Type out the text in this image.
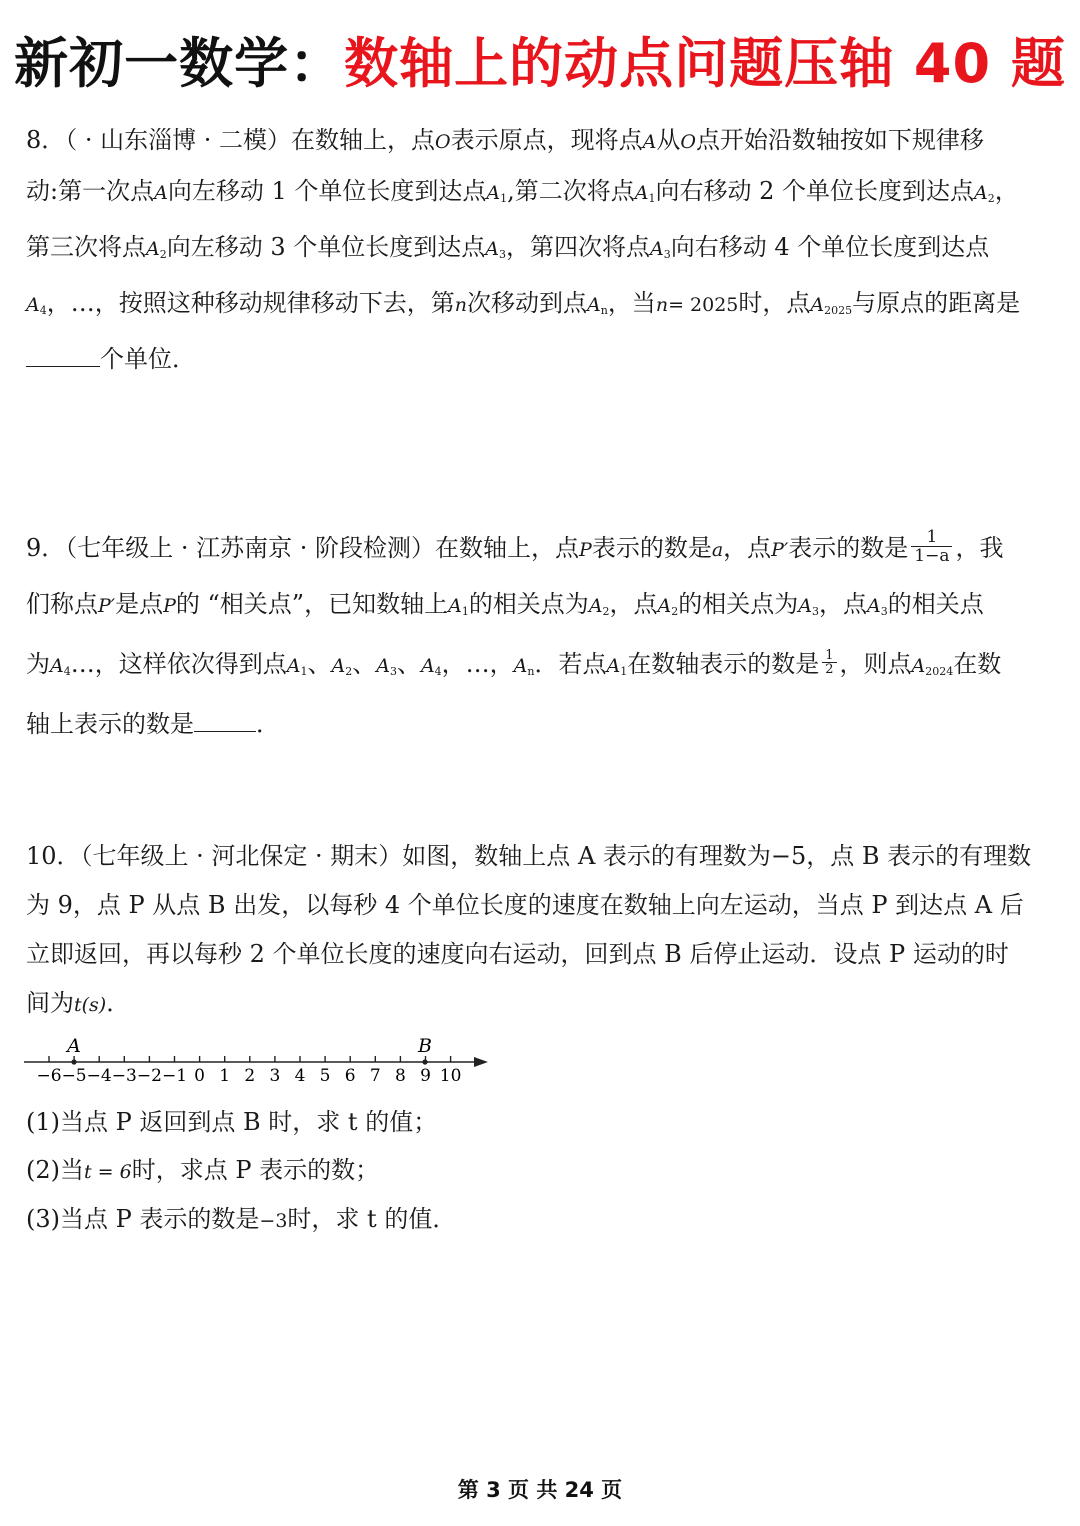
新初一数学：数轴上的动点问题压轴 40 题
8．（ · 山东淄博 · 二模）在数轴上，点O表示原点，现将点A从O点开始沿数轴按如下规律移
动:第一次点A向左移动 1 个单位长度到达点$A_1$,第二次将点$A_1$向右移动 2 个单位长度到达点$A_2$，
第三次将点$A_2$向左移动 3 个单位长度到达点$A_3$，第四次将点$A_3$向右移动 4 个单位长度到达点
$A_4$，…，按照这种移动规律移动下去，第n次移动到点$A_n$，当n= 2025时，点$A_{2025}$与原点的距离是
个单位．
9．（七年级上 · 江苏南京 · 阶段检测）在数轴上，点P表示的数是a，点P′表示的数是 $\frac{1}{1-a}$ ，我
们称点P′是点P的 “相关点”，已知数轴上$A_1$的相关点为$A_2$，点$A_2$的相关点为$A_3$，点$A_3$的相关点
为$A_4\dots$，这样依次得到点$A_1$、$A_2$、$A_3$、$A_4$，…，$A_n$．若点$A_1$在数轴表示的数是 $\frac{1}{2}$ ，则点$A_{2024}$在数
轴上表示的数是	．
10．（七年级上 · 河北保定 · 期末）如图，数轴上点 A 表示的有理数为−5，点 B 表示的有理数
为 9，点 P 从点 B 出发，以每秒 4 个单位长度的速度在数轴上向左运动，当点 P 到达点 A 后
立即返回，再以每秒 2 个单位长度的速度向右运动，回到点 B 后停止运动．设点 P 运动的时
间为t(s)．
−6 −5 −4 −3 −2 −1 0 1 2 3 4 5 6 7 8 9 10
A	B
(1)当点 P 返回到点 B 时，求 t 的值；
(2)当t = 6时，求点 P 表示的数；
(3)当点 P 表示的数是−3时，求 t 的值．
第 3 页 共 24 页
